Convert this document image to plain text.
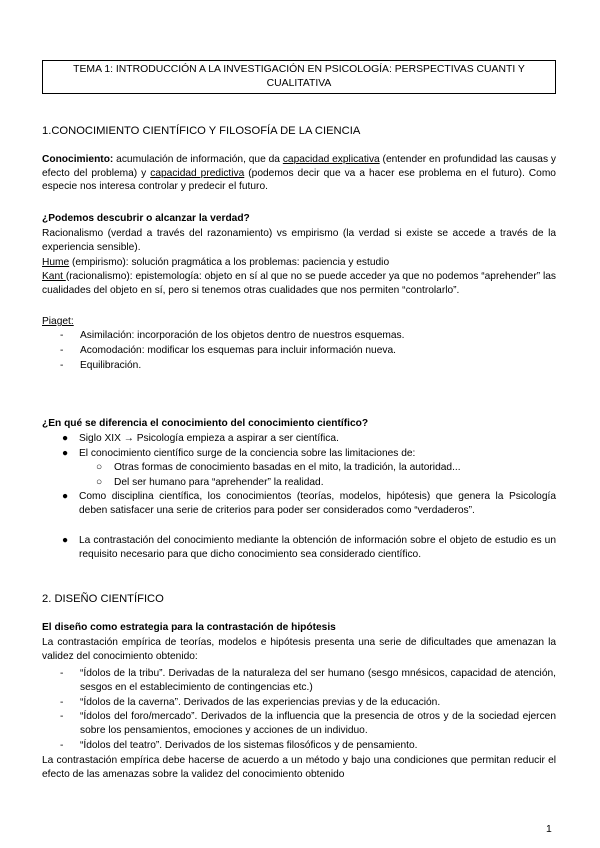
TEMA 1: INTRODUCCIÓN A LA INVESTIGACIÓN EN PSICOLOGÍA: PERSPECTIVAS CUANTI Y CUALITATIVA
1.CONOCIMIENTO CIENTÍFICO Y FILOSOFÍA DE LA CIENCIA
Conocimiento: acumulación de información, que da capacidad explicativa (entender en profundidad las causas y efecto del problema) y capacidad predictiva (podemos decir que va a hacer ese problema en el futuro). Como especie nos interesa controlar y predecir el futuro.
¿Podemos descubrir o alcanzar la verdad?
Racionalismo (verdad a través del razonamiento) vs empirismo (la verdad si existe se accede a través de la experiencia sensible).
Hume (empirismo): solución pragmática a los problemas: paciencia y estudio
Kant (racionalismo): epistemología: objeto en sí al que no se puede acceder ya que no podemos “aprehender” las cualidades del objeto en sí, pero si tenemos otras cualidades que nos permiten “controlarlo”.
Piaget:
-	Asimilación: incorporación de los objetos dentro de nuestros esquemas.
-	Acomodación: modificar los esquemas para incluir información nueva.
-	Equilibración.
¿En qué se diferencia el conocimiento del conocimiento científico?
● Siglo XIX → Psicología empieza a aspirar a ser científica.
● El conocimiento científico surge de la conciencia sobre las limitaciones de:
○ Otras formas de conocimiento basadas en el mito, la tradición, la autoridad...
○ Del ser humano para “aprehender” la realidad.
● Como disciplina científica, los conocimientos (teorías, modelos, hipótesis) que genera la Psicología deben satisfacer una serie de criterios para poder ser considerados como “verdaderos”.
● La contrastación del conocimiento mediante la obtención de información sobre el objeto de estudio es un requisito necesario para que dicho conocimiento sea considerado científico.
2. DISEÑO CIENTÍFICO
El diseño como estrategia para la contrastación de hipótesis
La contrastación empírica de teorías, modelos e hipótesis presenta una serie de dificultades que amenazan la validez del conocimiento obtenido:
-	“Ídolos de la tribu”. Derivadas de la naturaleza del ser humano (sesgo mnésicos, capacidad de atención, sesgos en el establecimiento de contingencias etc.)
-	“Ídolos de la caverna”. Derivados de las experiencias previas y de la educación.
-	“Ídolos del foro/mercado”. Derivados de la influencia que la presencia de otros y de la sociedad ejercen sobre los pensamientos, emociones y acciones de un individuo.
-	“Ídolos del teatro”. Derivados de los sistemas filosóficos y de pensamiento.
La contrastación empírica debe hacerse de acuerdo a un método y bajo una condiciones que permitan reducir el efecto de las amenazas sobre la validez del conocimiento obtenido
1
